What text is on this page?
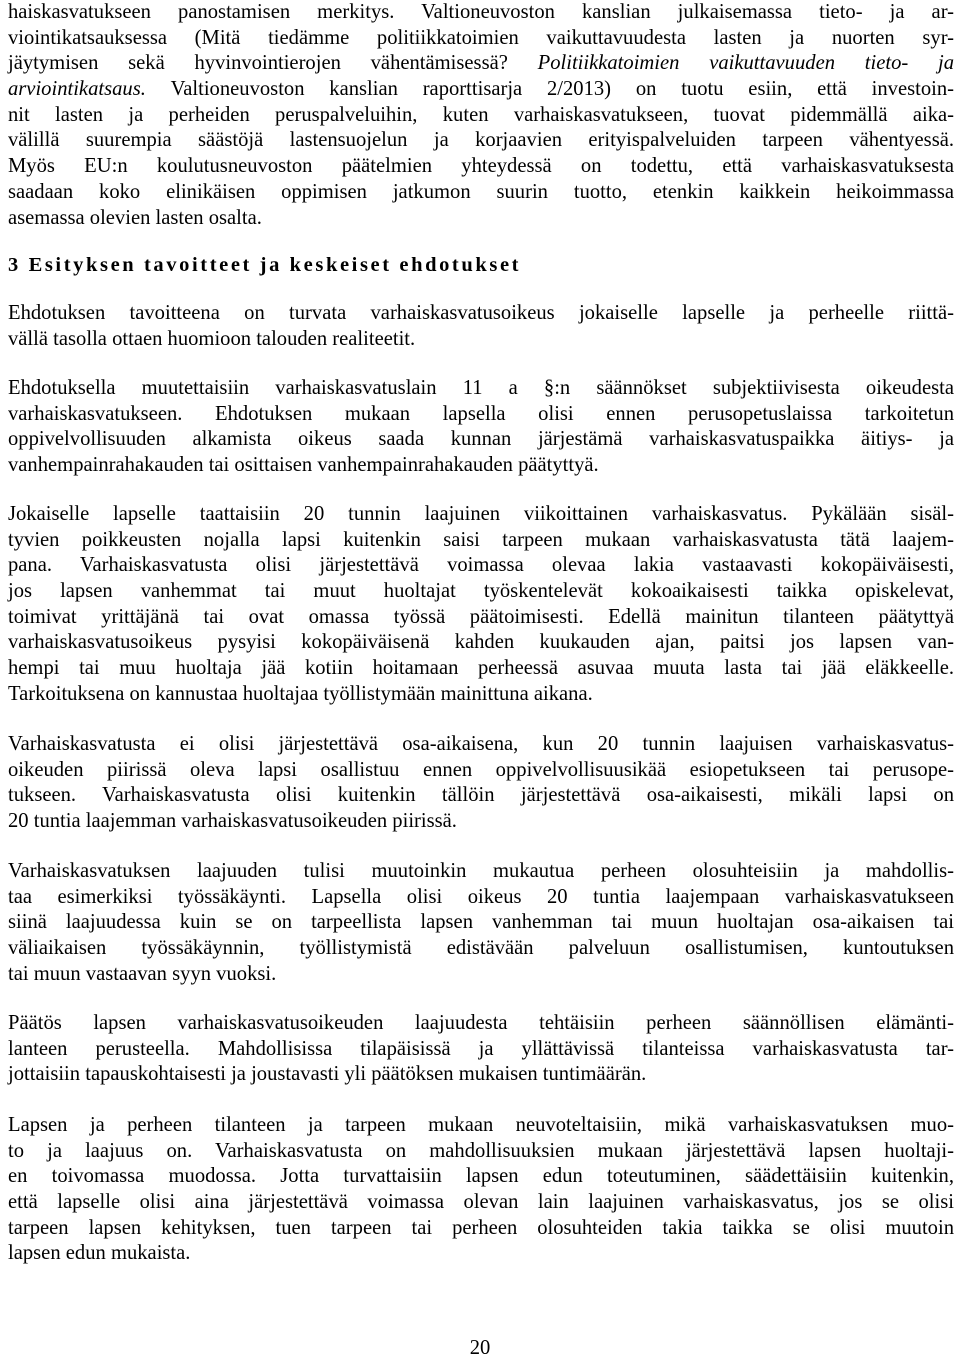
haiskasvatukseen panostamisen merkitys. Valtioneuvoston kanslian julkaisemassa tieto- ja ar-
viointikatsauksessa (Mitä tiedämme politiikkatoimien vaikuttavuudesta lasten ja nuorten syr-
jäytymisen sekä hyvinvointierojen vähentämisessä? Politiikkatoimien vaikuttavuuden tieto- ja
arviointikatsaus. Valtioneuvoston kanslian raporttisarja 2/2013) on tuotu esiin, että investoin-
nit lasten ja perheiden peruspalveluihin, kuten varhaiskasvatukseen, tuovat pidemmällä aika-
välillä suurempia säästöjä lastensuojelun ja korjaavien erityispalveluiden tarpeen vähentyessä.
Myös EU:n koulutusneuvoston päätelmien yhteydessä on todettu, että varhaiskasvatuksesta
saadaan koko elinikäisen oppimisen jatkumon suurin tuotto, etenkin kaikkein heikoimmassa
asemassa olevien lasten osalta.
3 Esityksen tavoitteet ja keskeiset ehdotukset
Ehdotuksen tavoitteena on turvata varhaiskasvatusoikeus jokaiselle lapselle ja perheelle riittä-
vällä tasolla ottaen huomioon talouden realiteetit.
Ehdotuksella muutettaisiin varhaiskasvatuslain 11 a §:n säännökset subjektiivisesta oikeudesta
varhaiskasvatukseen. Ehdotuksen mukaan lapsella olisi ennen perusopetuslaissa tarkoitetun
oppivelvollisuuden alkamista oikeus saada kunnan järjestämä varhaiskasvatuspaikka äitiys- ja
vanhempainrahakauden tai osittaisen vanhempainrahakauden päätyttyä.
Jokaiselle lapselle taattaisiin 20 tunnin laajuinen viikoittainen varhaiskasvatus. Pykälään sisäl-
tyvien poikkeusten nojalla lapsi kuitenkin saisi tarpeen mukaan varhaiskasvatusta tätä laajem-
pana. Varhaiskasvatusta olisi järjestettävä voimassa olevaa lakia vastaavasti kokopäiväisesti,
jos lapsen vanhemmat tai muut huoltajat työskentelevät kokoaikaisesti taikka opiskelevat,
toimivat yrittäjänä tai ovat omassa työssä päätoimisesti. Edellä mainitun tilanteen päätyttyä
varhaiskasvatusoikeus pysyisi kokopäiväisenä kahden kuukauden ajan, paitsi jos lapsen van-
hempi tai muu huoltaja jää kotiin hoitamaan perheessä asuvaa muuta lasta tai jää eläkkeelle.
Tarkoituksena on kannustaa huoltajaa työllistymään mainittuna aikana.
Varhaiskasvatusta ei olisi järjestettävä osa-aikaisena, kun 20 tunnin laajuisen varhaiskasvatus-
oikeuden piirissä oleva lapsi osallistuu ennen oppivelvollisuusikää esiopetukseen tai perusope-
tukseen. Varhaiskasvatusta olisi kuitenkin tällöin järjestettävä osa-aikaisesti, mikäli lapsi on
20 tuntia laajemman varhaiskasvatusoikeuden piirissä.
Varhaiskasvatuksen laajuuden tulisi muutoinkin mukautua perheen olosuhteisiin ja mahdollis-
taa esimerkiksi työssäkäynti. Lapsella olisi oikeus 20 tuntia laajempaan varhaiskasvatukseen
siinä laajuudessa kuin se on tarpeellista lapsen vanhemman tai muun huoltajan osa-aikaisen tai
väliaikaisen työssäkäynnin, työllistymistä edistävään palveluun osallistumisen, kuntoutuksen
tai muun vastaavan syyn vuoksi.
Päätös lapsen varhaiskasvatusoikeuden laajuudesta tehtäisiin perheen säännöllisen elämänti-
lanteen perusteella. Mahdollisissa tilapäisissä ja yllättävissä tilanteissa varhaiskasvatusta tar-
jottaisiin tapauskohtaisesti ja joustavasti yli päätöksen mukaisen tuntimäärän.
Lapsen ja perheen tilanteen ja tarpeen mukaan neuvoteltaisiin, mikä varhaiskasvatuksen muo-
to ja laajuus on. Varhaiskasvatusta on mahdollisuuksien mukaan järjestettävä lapsen huoltaji-
en toivomassa muodossa. Jotta turvattaisiin lapsen edun toteutuminen, säädettäisiin kuitenkin,
että lapselle olisi aina järjestettävä voimassa olevan lain laajuinen varhaiskasvatus, jos se olisi
tarpeen lapsen kehityksen, tuen tarpeen tai perheen olosuhteiden takia taikka se olisi muutoin
lapsen edun mukaista.
20
